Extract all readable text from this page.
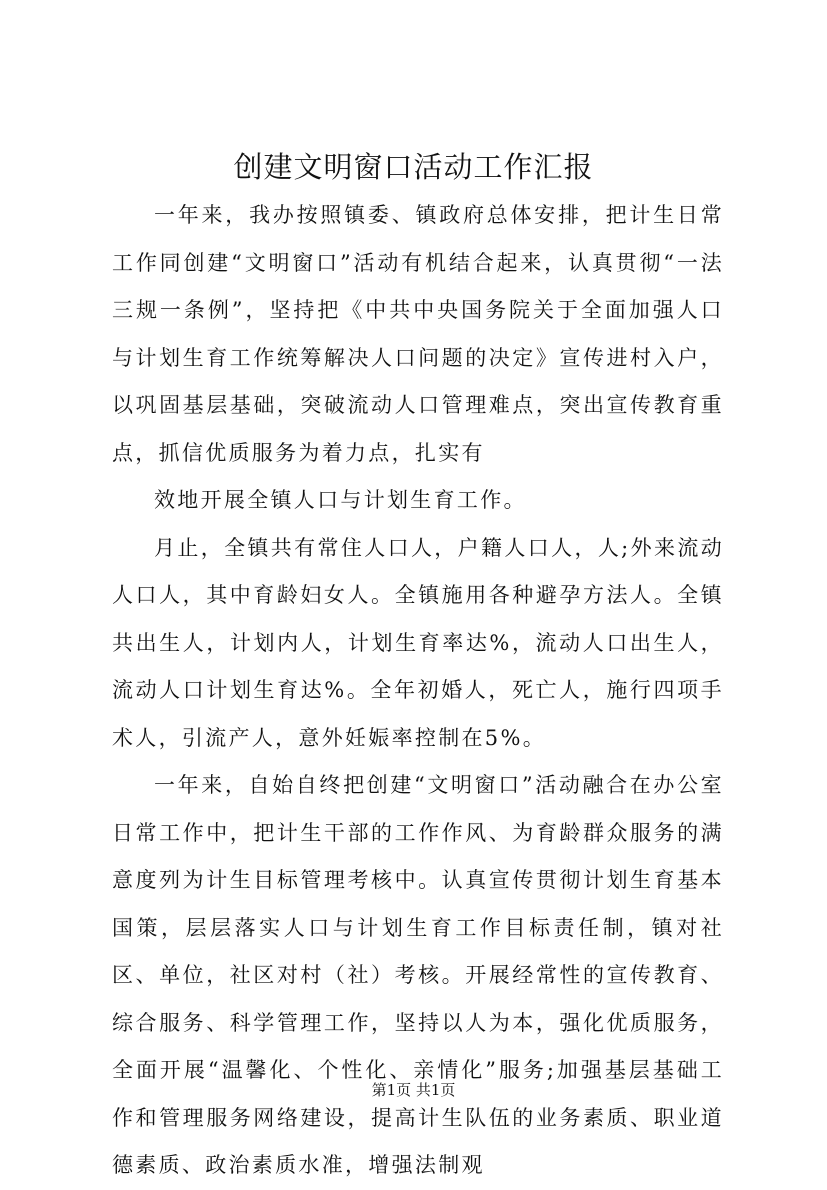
创建文明窗口活动工作汇报

一年来，我办按照镇委、镇政府总体安排，把计生日常工作同创建“文明窗口”活动有机结合起来，认真贯彻“一法三规一条例”，坚持把《中共中央国务院关于全面加强人口与计划生育工作统筹解决人口问题的决定》宣传进村入户，以巩固基层基础，突破流动人口管理难点，突出宣传教育重点，抓信优质服务为着力点，扎实有

效地开展全镇人口与计划生育工作。

月止，全镇共有常住人口人，户籍人口人，人;外来流动人口人，其中育龄妇女人。全镇施用各种避孕方法人。全镇共出生人，计划内人，计划生育率达%，流动人口出生人，流动人口计划生育达%。全年初婚人，死亡人，施行四项手术人，引流产人，意外妊娠率控制在5%。

一年来，自始自终把创建“文明窗口”活动融合在办公室日常工作中，把计生干部的工作作风、为育龄群众服务的满意度列为计生目标管理考核中。认真宣传贯彻计划生育基本国策，层层落实人口与计划生育工作目标责任制，镇对社区、单位，社区对村（社）考核。开展经常性的宣传教育、综合服务、科学管理工作，坚持以人为本，强化优质服务，全面开展“温馨化、个性化、亲情化”服务;加强基层基础工作和管理服务网络建设，提高计生队伍的业务素质、职业道德素质、政治素质水准，增强法制观

第1页 共1页
